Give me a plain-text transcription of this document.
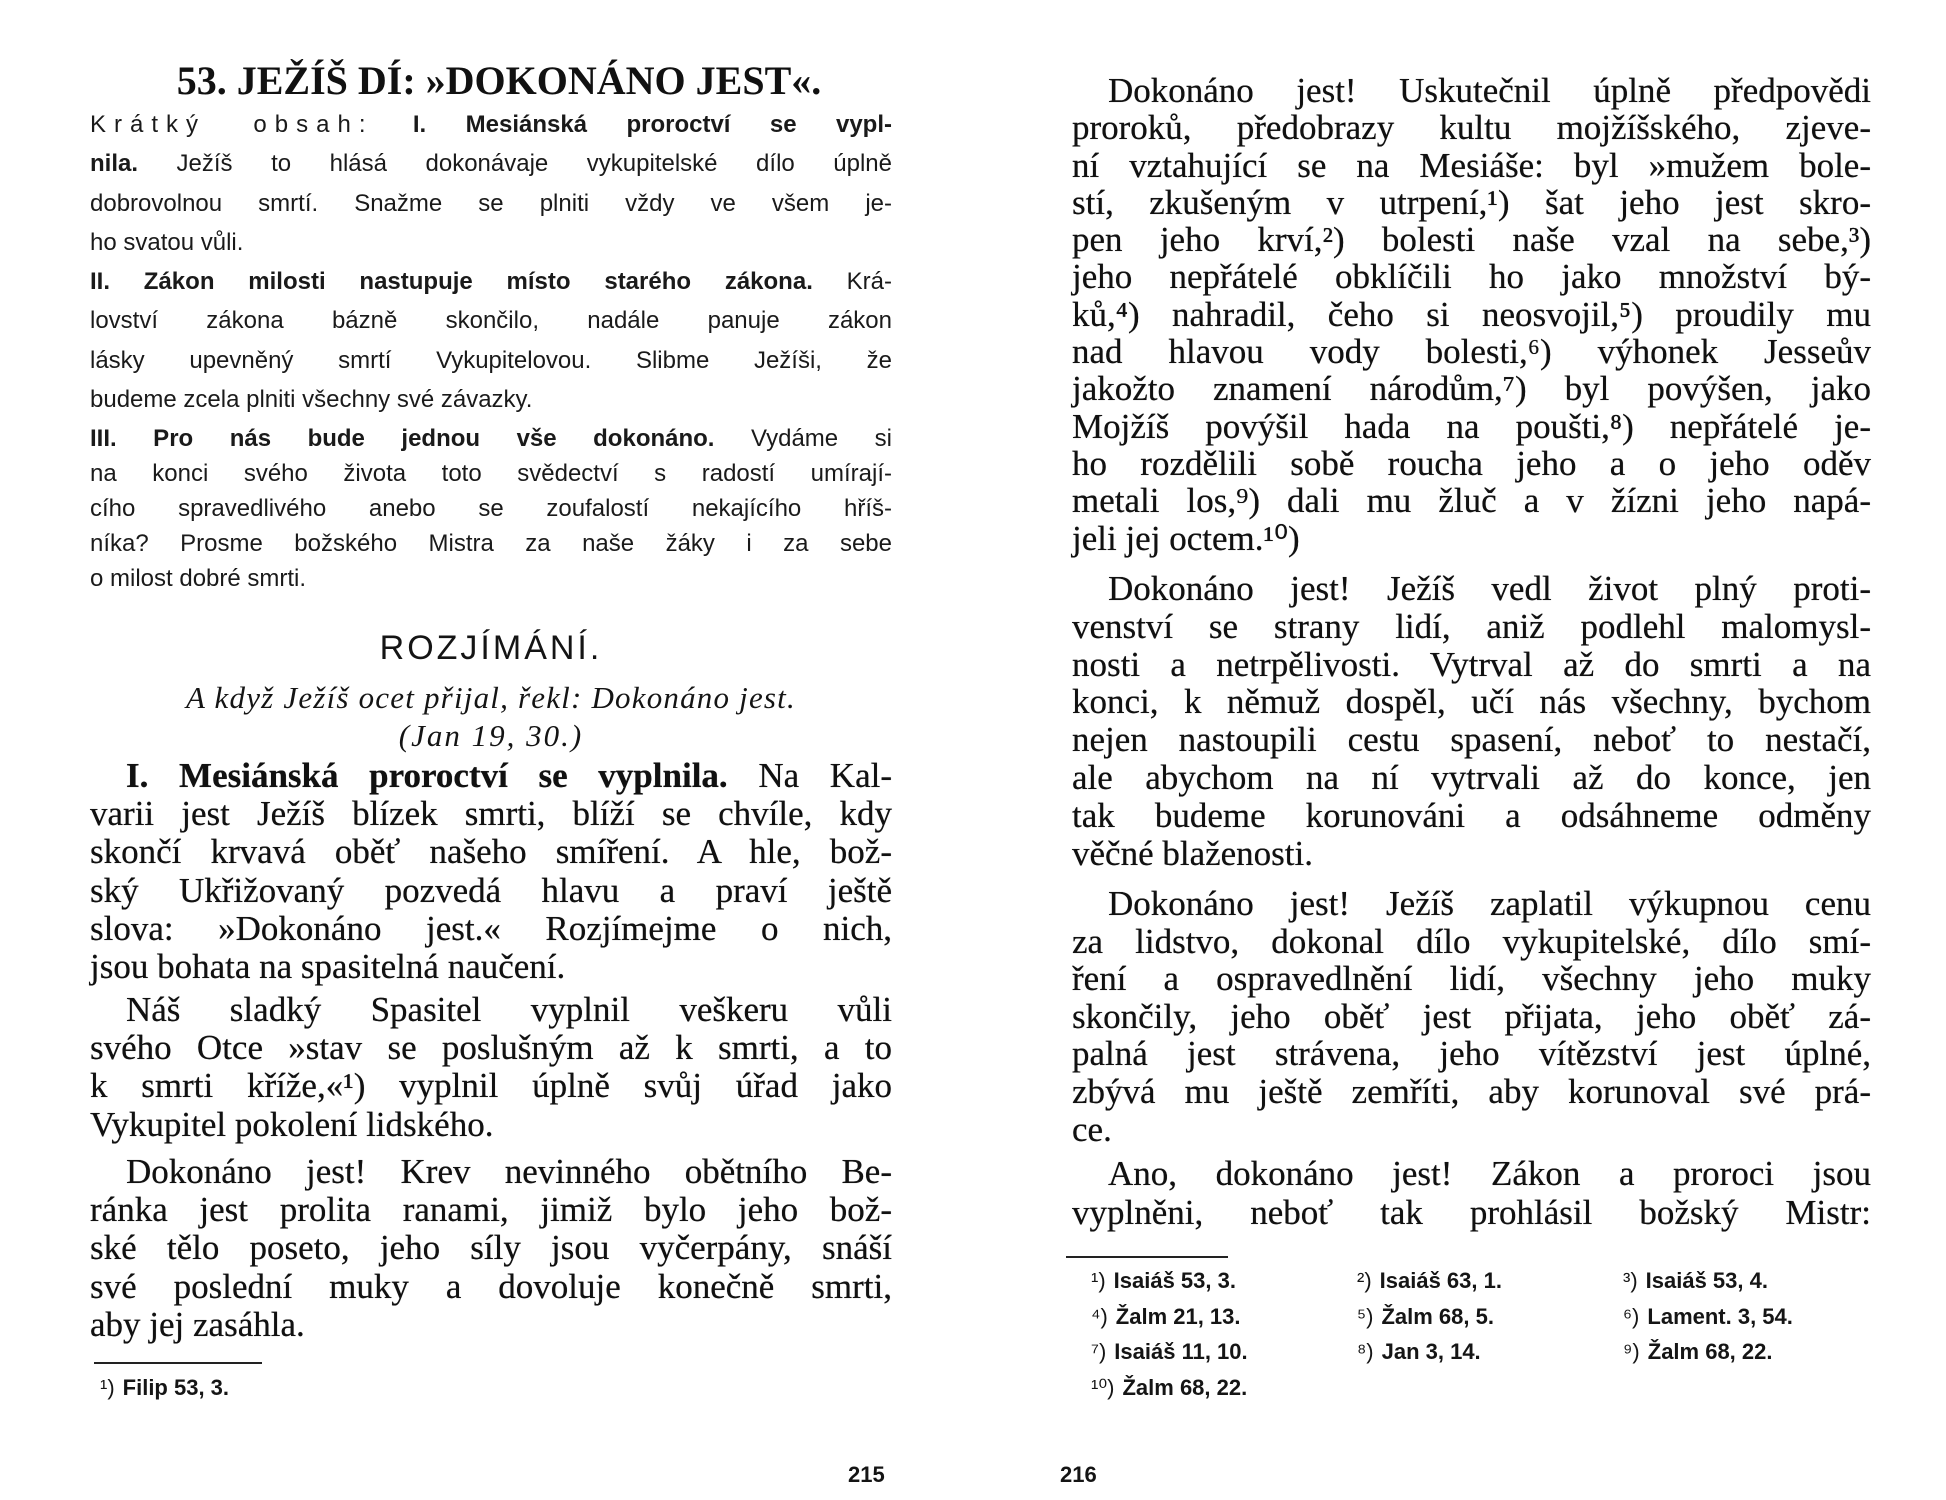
53. JEŽÍŠ DÍ: »DOKONÁNO JEST«.
Krátký obsah: I. Mesiánská proroctví se vypl-
nila. Ježíš to hlásá dokonávaje vykupitelské dílo úplně
dobrovolnou smrtí. Snažme se plniti vždy ve všem je-
ho svatou vůli.
II. Zákon milosti nastupuje místo starého zákona. Krá-
lovství zákona bázně skončilo, nadále panuje zákon
lásky upevněný smrtí Vykupitelovou. Slibme Ježíši, že
budeme zcela plniti všechny své závazky.
III. Pro nás bude jednou vše dokonáno. Vydáme si
na konci svého života toto svědectví s radostí umírají-
cího spravedlivého anebo se zoufalostí nekajícího hříš-
níka? Prosme božského Mistra za naše žáky i za sebe
o milost dobré smrti.
ROZJÍMÁNÍ.
A když Ježíš ocet přijal, řekl: Dokonáno jest.
(Jan 19, 30.)
I. Mesiánská proroctví se vyplnila. Na Kal-
varii jest Ježíš blízek smrti, blíží se chvíle, kdy
skončí krvavá oběť našeho smíření. A hle, bož-
ský Ukřižovaný pozvedá hlavu a praví ještě
slova: »Dokonáno jest.« Rozjímejme o nich,
jsou bohata na spasitelná naučení.
Náš sladký Spasitel vyplnil veškeru vůli
svého Otce »stav se poslušným až k smrti, a to
k smrti kříže,«¹) vyplnil úplně svůj úřad jako
Vykupitel pokolení lidského.
Dokonáno jest! Krev nevinného obětního Be-
ránka jest prolita ranami, jimiž bylo jeho bož-
ské tělo poseto, jeho síly jsou vyčerpány, snáší
své poslední muky a dovoluje konečně smrti,
aby jej zasáhla.
¹) Filip 53, 3.
215
Dokonáno jest! Uskutečnil úplně předpovědi
proroků, předobrazy kultu mojžíšského, zjeve-
ní vztahující se na Mesiáše: byl »mužem bole-
stí, zkušeným v utrpení,¹) šat jeho jest skro-
pen jeho krví,²) bolesti naše vzal na sebe,³)
jeho nepřátelé obklíčili ho jako množství bý-
ků,⁴) nahradil, čeho si neosvojil,⁵) proudily mu
nad hlavou vody bolesti,⁶) výhonek Jesseův
jakožto znamení národům,⁷) byl povýšen, jako
Mojžíš povýšil hada na poušti,⁸) nepřátelé je-
ho rozdělili sobě roucha jeho a o jeho oděv
metali los,⁹) dali mu žluč a v žízni jeho napá-
jeli jej octem.¹⁰)
Dokonáno jest! Ježíš vedl život plný proti-
venství se strany lidí, aniž podlehl malomysl-
nosti a netrpělivosti. Vytrval až do smrti a na
konci, k němuž dospěl, učí nás všechny, bychom
nejen nastoupili cestu spasení, neboť to nestačí,
ale abychom na ní vytrvali až do konce, jen
tak budeme korunováni a odsáhneme odměny
věčné blaženosti.
Dokonáno jest! Ježíš zaplatil výkupnou cenu
za lidstvo, dokonal dílo vykupitelské, dílo smí-
ření a ospravedlnění lidí, všechny jeho muky
skončily, jeho oběť jest přijata, jeho oběť zá-
palná jest strávena, jeho vítězství jest úplné,
zbývá mu ještě zemříti, aby korunoval své prá-
ce.
Ano, dokonáno jest! Zákon a proroci jsou
vyplněni, neboť tak prohlásil božský Mistr:
¹) Isaiáš 53, 3.	²) Isaiáš 63, 1.	³) Isaiáš 53, 4.
⁴) Žalm 21, 13.	⁵) Žalm 68, 5.	⁶) Lament. 3, 54.
⁷) Isaiáš 11, 10.	⁸) Jan 3, 14.	⁹) Žalm 68, 22.
¹⁰) Žalm 68, 22.
216
